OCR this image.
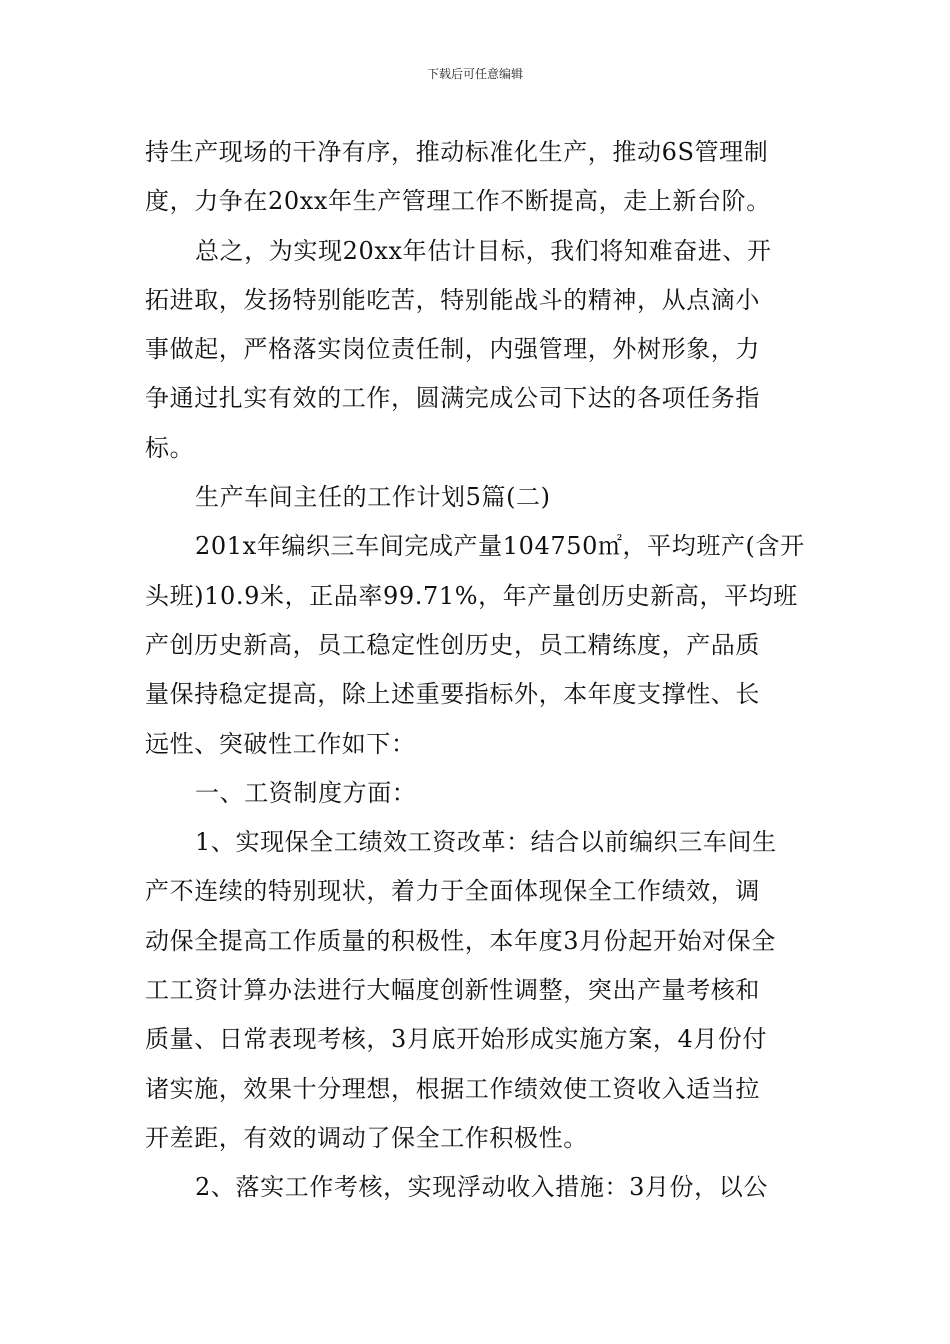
下载后可任意编辑
持生产现场的干净有序，推动标准化生产，推动6S管理制
度，力争在20xx年生产管理工作不断提高，走上新台阶。
总之，为实现20xx年估计目标，我们将知难奋进、开
拓进取，发扬特别能吃苦，特别能战斗的精神，从点滴小
事做起，严格落实岗位责任制，内强管理，外树形象，力
争通过扎实有效的工作，圆满完成公司下达的各项任务指
标。
生产车间主任的工作计划5篇(二)
201x年编织三车间完成产量104750㎡，平均班产(含开
头班)10.9米，正品率99.71%，年产量创历史新高，平均班
产创历史新高，员工稳定性创历史，员工精练度，产品质
量保持稳定提高，除上述重要指标外，本年度支撑性、长
远性、突破性工作如下：
一、工资制度方面：
1、实现保全工绩效工资改革：结合以前编织三车间生
产不连续的特别现状，着力于全面体现保全工作绩效，调
动保全提高工作质量的积极性，本年度3月份起开始对保全
工工资计算办法进行大幅度创新性调整，突出产量考核和
质量、日常表现考核，3月底开始形成实施方案，4月份付
诸实施，效果十分理想，根据工作绩效使工资收入适当拉
开差距，有效的调动了保全工作积极性。
2、落实工作考核，实现浮动收入措施：3月份，以公
